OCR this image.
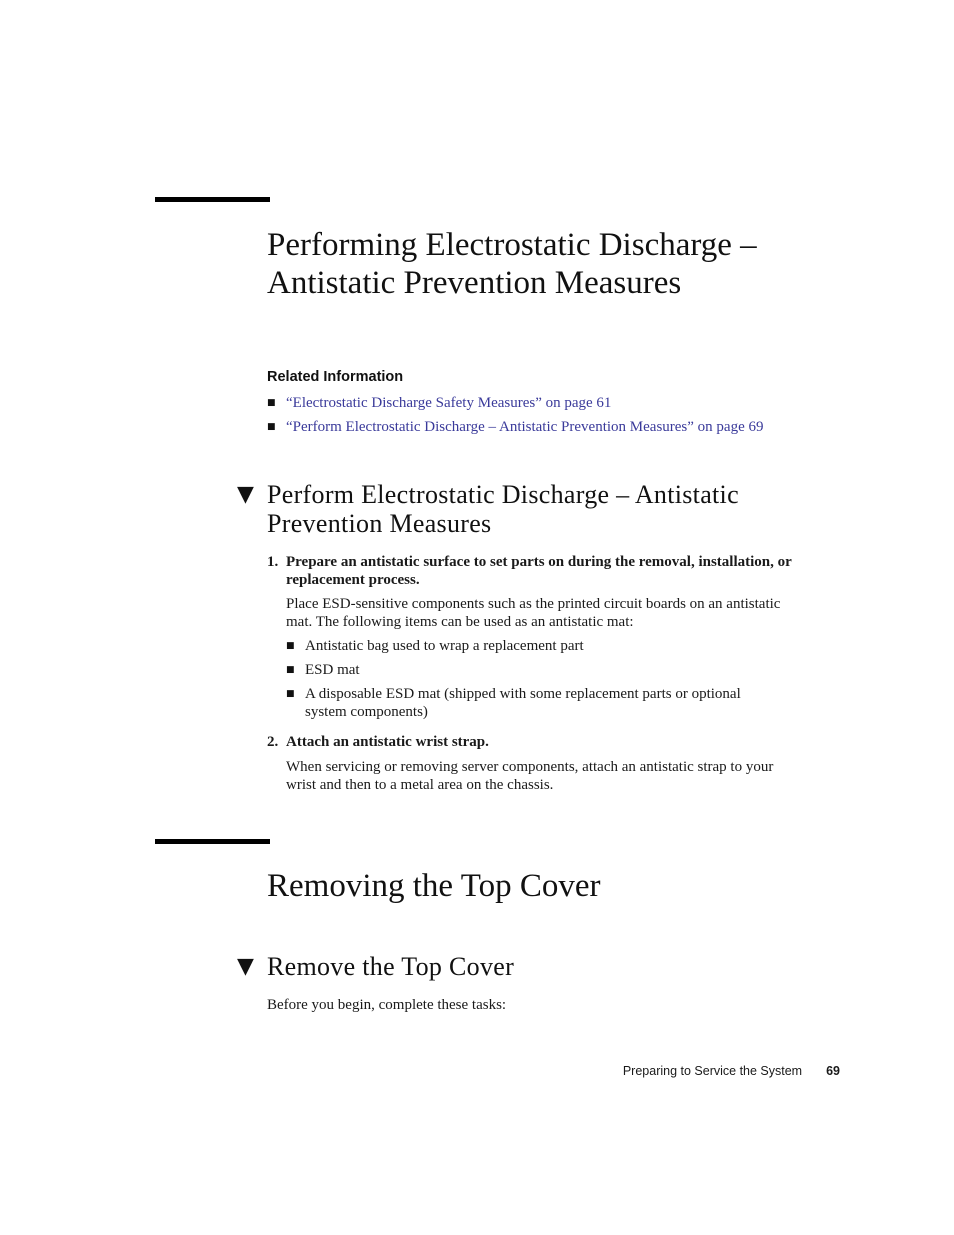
Performing Electrostatic Discharge –
Antistatic Prevention Measures
Related Information
■ “Electrostatic Discharge Safety Measures” on page 61
■ “Perform Electrostatic Discharge – Antistatic Prevention Measures” on page 69
▼ Perform Electrostatic Discharge – Antistatic
Prevention Measures
1. Prepare an antistatic surface to set parts on during the removal, installation, or
replacement process.

Place ESD-sensitive components such as the printed circuit boards on an antistatic
mat. The following items can be used as an antistatic mat:

■ Antistatic bag used to wrap a replacement part
■ ESD mat
■ A disposable ESD mat (shipped with some replacement parts or optional
system components)
2. Attach an antistatic wrist strap.

When servicing or removing server components, attach an antistatic strap to your
wrist and then to a metal area on the chassis.

Removing the Top Cover
▼ Remove the Top Cover

Before you begin, complete these tasks:

Preparing to Service the System 69
